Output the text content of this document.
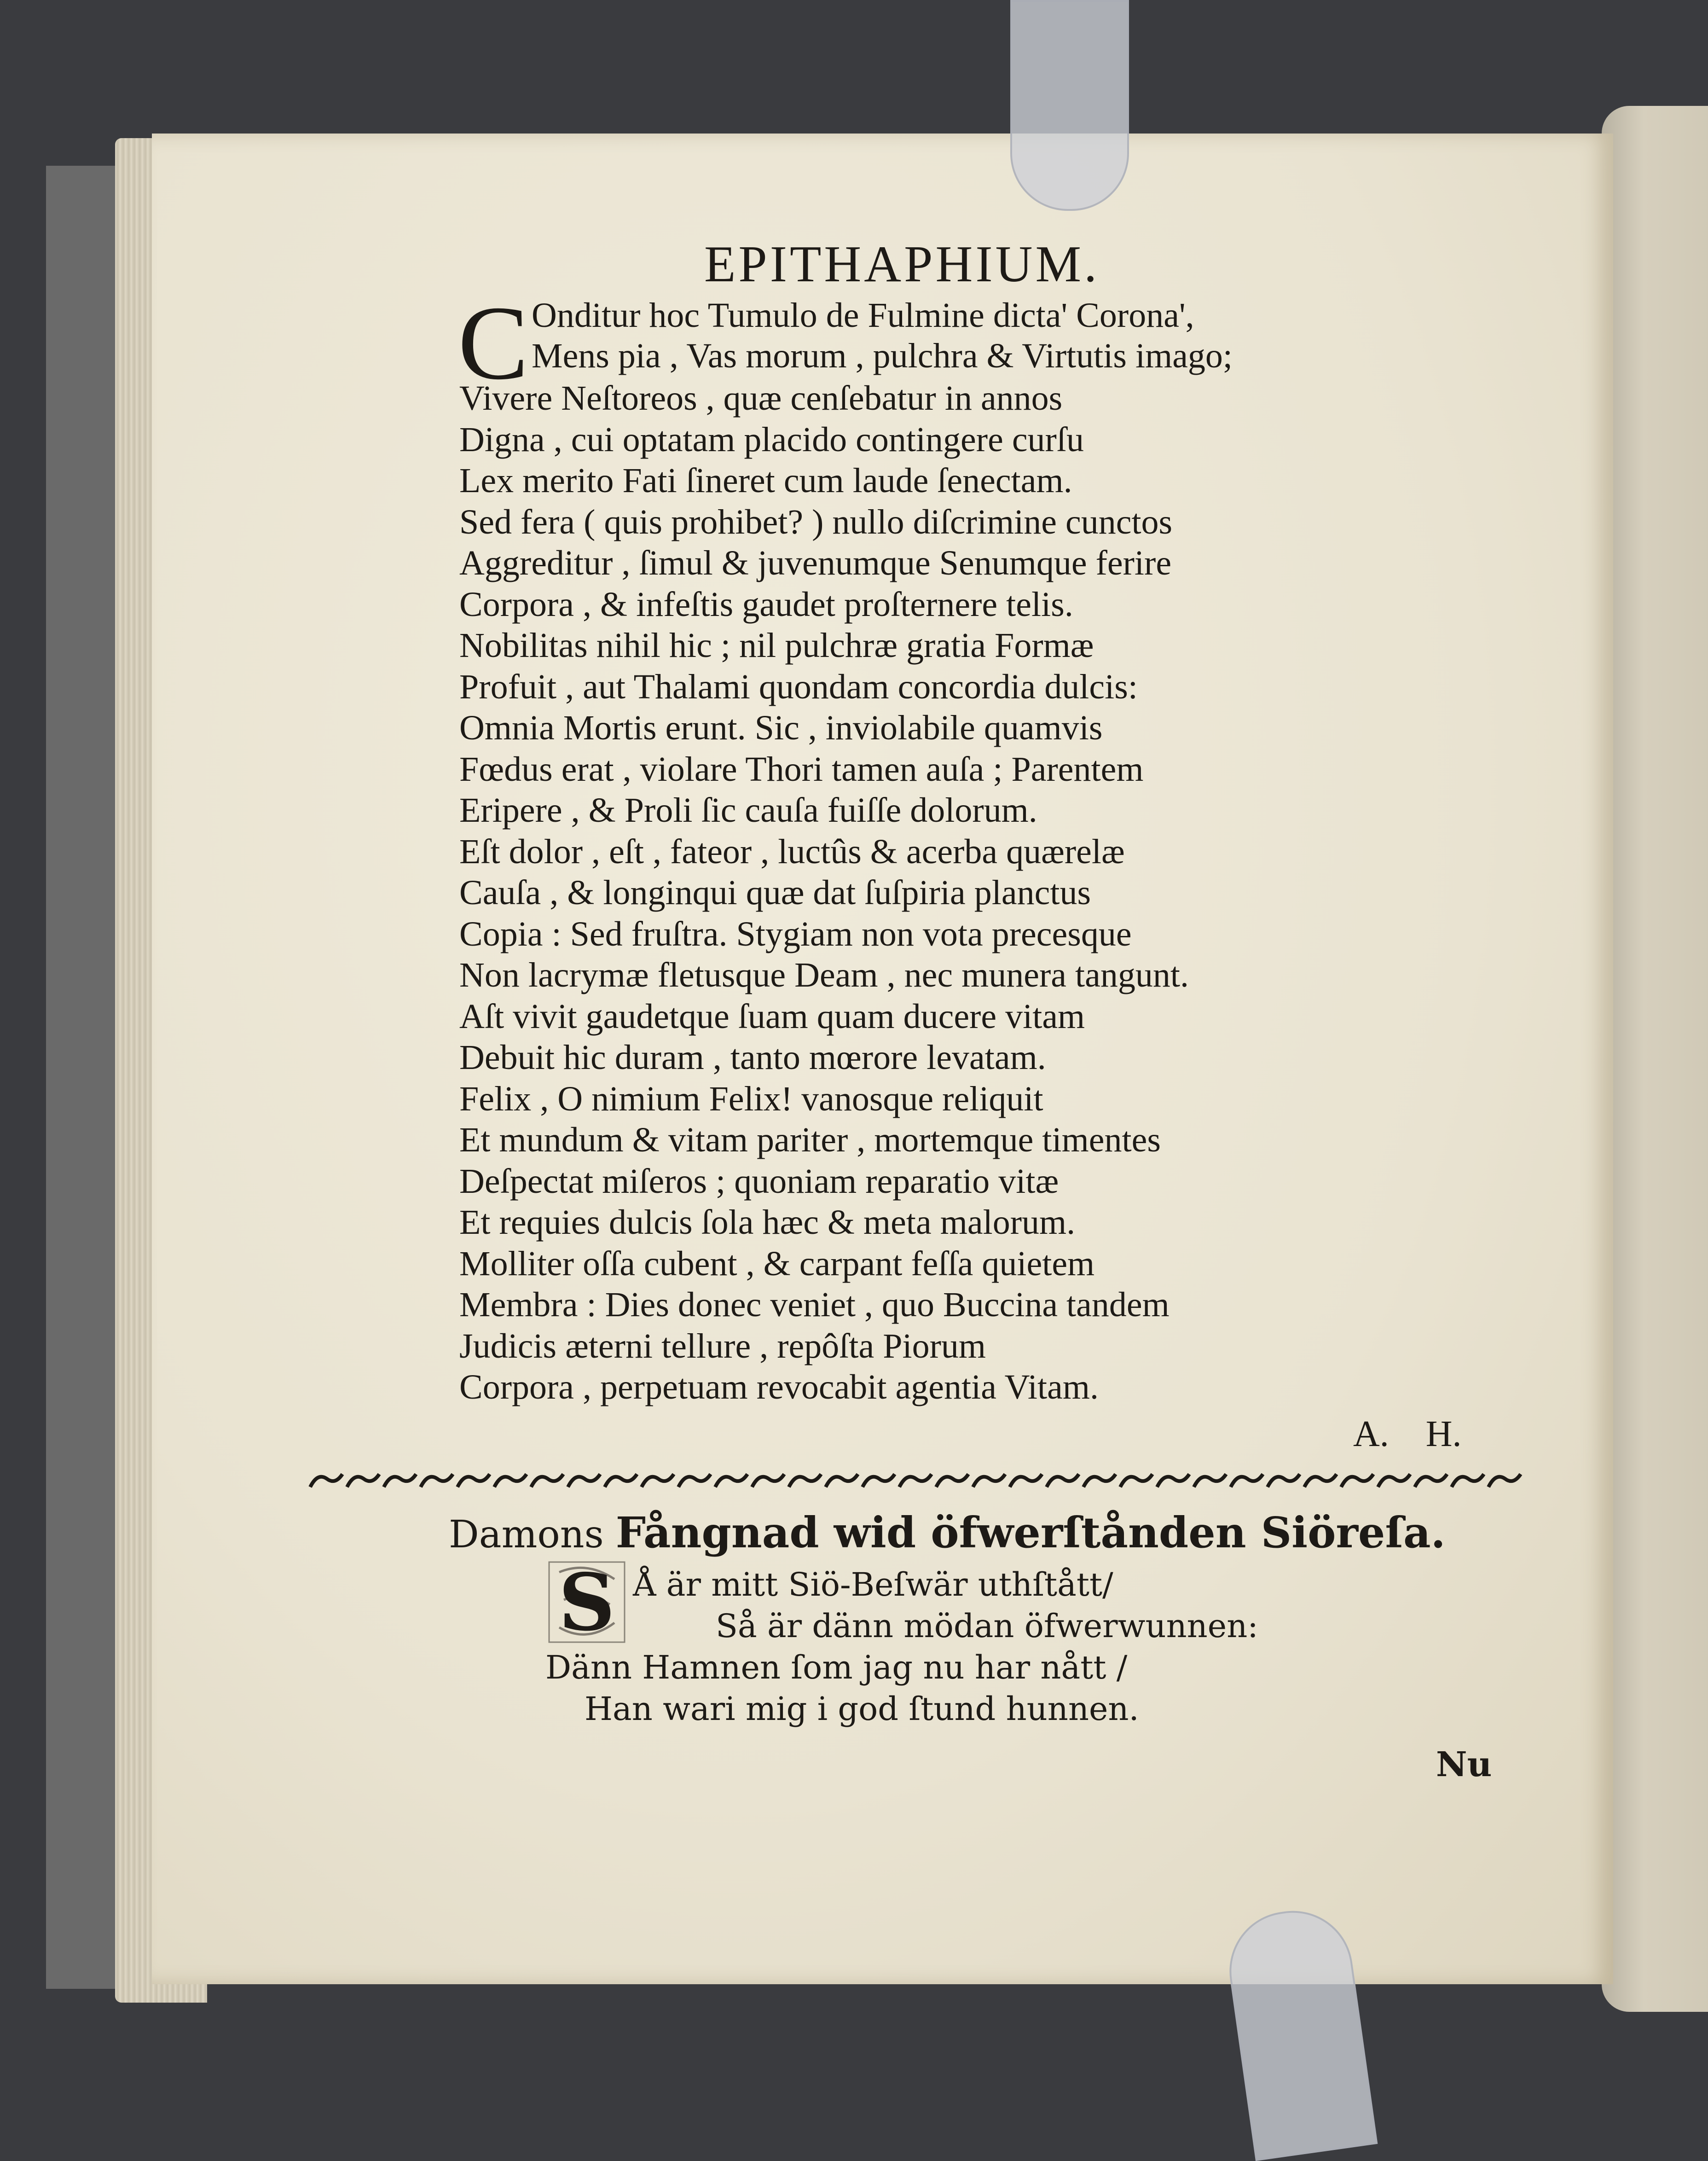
EPITHAPHIUM.
C Onditur hoc Tumulo de Fulmine dicta' Corona',
Mens pia , Vas morum , pulchra & Virtutis imago;
Vivere Neſtoreos , quæ cenſebatur in annos
Digna , cui optatam placido contingere curſu
Lex merito Fati ſineret cum laude ſenectam.
Sed fera ( quis prohibet? ) nullo diſcrimine cunctos
Aggreditur , ſimul & juvenumque Senumque ferire
Corpora , & infeſtis gaudet proſternere telis.
Nobilitas nihil hic ; nil pulchræ gratia Formæ
Profuit , aut Thalami quondam concordia dulcis:
Omnia Mortis erunt. Sic , inviolabile quamvis
Fœdus erat , violare Thori tamen auſa ; Parentem
Eripere , & Proli ſic cauſa fuiſſe dolorum.
Eſt dolor , eſt , fateor , luctûs & acerba quærelæ
Cauſa , & longinqui quæ dat ſuſpiria planctus
Copia : Sed fruſtra. Stygiam non vota precesque
Non lacrymæ fletusque Deam , nec munera tangunt.
Aſt vivit gaudetque ſuam quam ducere vitam
Debuit hic duram , tanto mœrore levatam.
Felix , O nimium Felix! vanosque reliquit
Et mundum & vitam pariter , mortemque timentes
Deſpectat miſeros ; quoniam reparatio vitæ
Et requies dulcis ſola hæc & meta malorum.
Molliter oſſa cubent , & carpant feſſa quietem
Membra : Dies donec veniet , quo Buccina tandem
Judicis æterni tellure , repôſta Piorum
Corpora , perpetuam revocabit agentia Vitam.
A. H.
Damons Fångnad wid öfwerſtånden Siöreſa.
S Å är mitt Siö-Beſwär uthſtått/
Så är dänn mödan öfwerwunnen:
Dänn Hamnen ſom jag nu har nått /
Han wari mig i god ſtund hunnen.
Nu
